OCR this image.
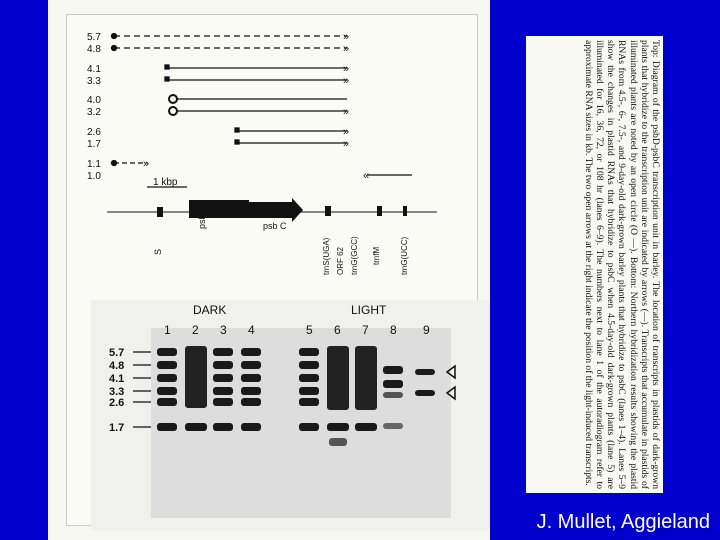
5.7
4.8
4.1
3.3
4.0
3.2
2.6
1.7
1.1
1.0
»
»
»
»
»
»
»
»
«
1 kbp
psb D	psb C
S	trnS(UGA) ORF 62 trnG(GCC) trnfM trnG(UCC)
DARK	LIGHT
1 2 3 4	5 6 7 8 9
5.7
4.8
4.1
3.3
2.6
1.7	Top: Diagram of the psbD-psbC transcription unit in barley. The location of transcripts in plastids of dark-grown plants that hybridize to the transcription unit are indicated by arrows (—). Transcripts that accumulate in plastids of illuminated plants are noted by an open circle (O —). Bottom: Northern hybridization results showing the plastid RNAs from 4.5-, 6-, 7.5-, and 9-day-old dark-grown barley plants that hybridize to psbC (lanes 1–4). Lanes 5–9 show the changes in plastid RNAs that hybridize to psbC when 4.5-day-old dark-grown plants (lane 5) are illuminated for 16, 36, 72, or 108 hr (lanes 6–9). The numbers next to lane 1 of the autoradiogram refer to approximate RNA sizes in kb. The two open arrows at the right indicate the position of the light-induced transcripts.
J. Mullet, Aggieland
